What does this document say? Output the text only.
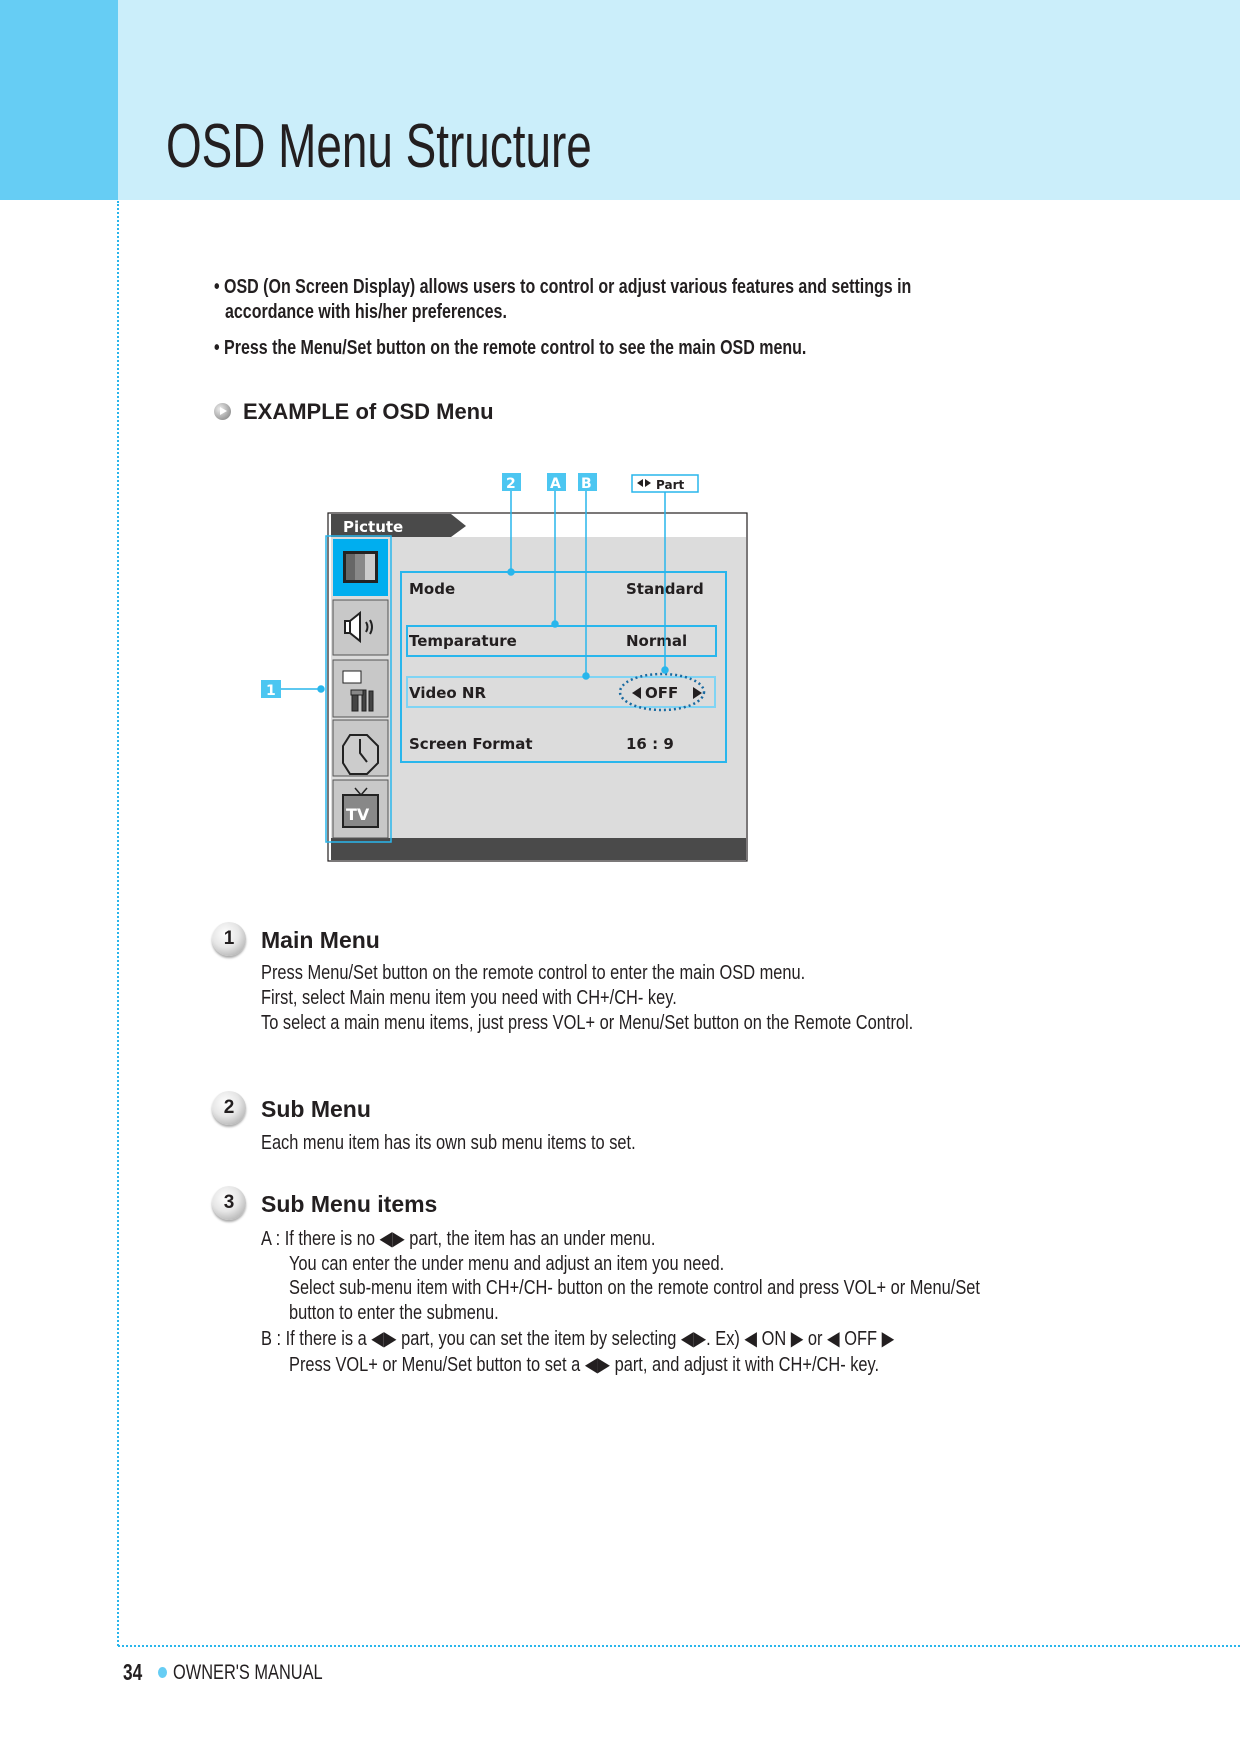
OSD Menu Structure
• OSD (On Screen Display) allows users to control or adjust various features and settings in
accordance with his/her preferences.
• Press the Menu/Set button on the remote control to see the main OSD menu.
EXAMPLE of OSD Menu
Pictute
TV
Mode	Standard
Temparature	Normal
Video NR	OFF
Screen Format	16 : 9
2 A B	Part
1
1	Main Menu
Press Menu/Set button on the remote control to enter the main OSD menu.
First, select Main menu item you need with CH+/CH- key.
To select a main menu items, just press VOL+ or Menu/Set button on the Remote Control.
2	Sub Menu
Each menu item has its own sub menu items to set.
3	Sub Menu items
A : If there is no ◀▶ part, the item has an under menu.
You can enter the under menu and adjust an item you need.
Select sub-menu item with CH+/CH- button on the remote control and press VOL+ or Menu/Set
button to enter the submenu.
B : If there is a ◀▶ part, you can set the item by selecting ◀▶. Ex) ◀ ON ▶ or ◀ OFF ▶
Press VOL+ or Menu/Set button to set a ◀▶ part, and adjust it with CH+/CH- key.
34 OWNER'S MANUAL
